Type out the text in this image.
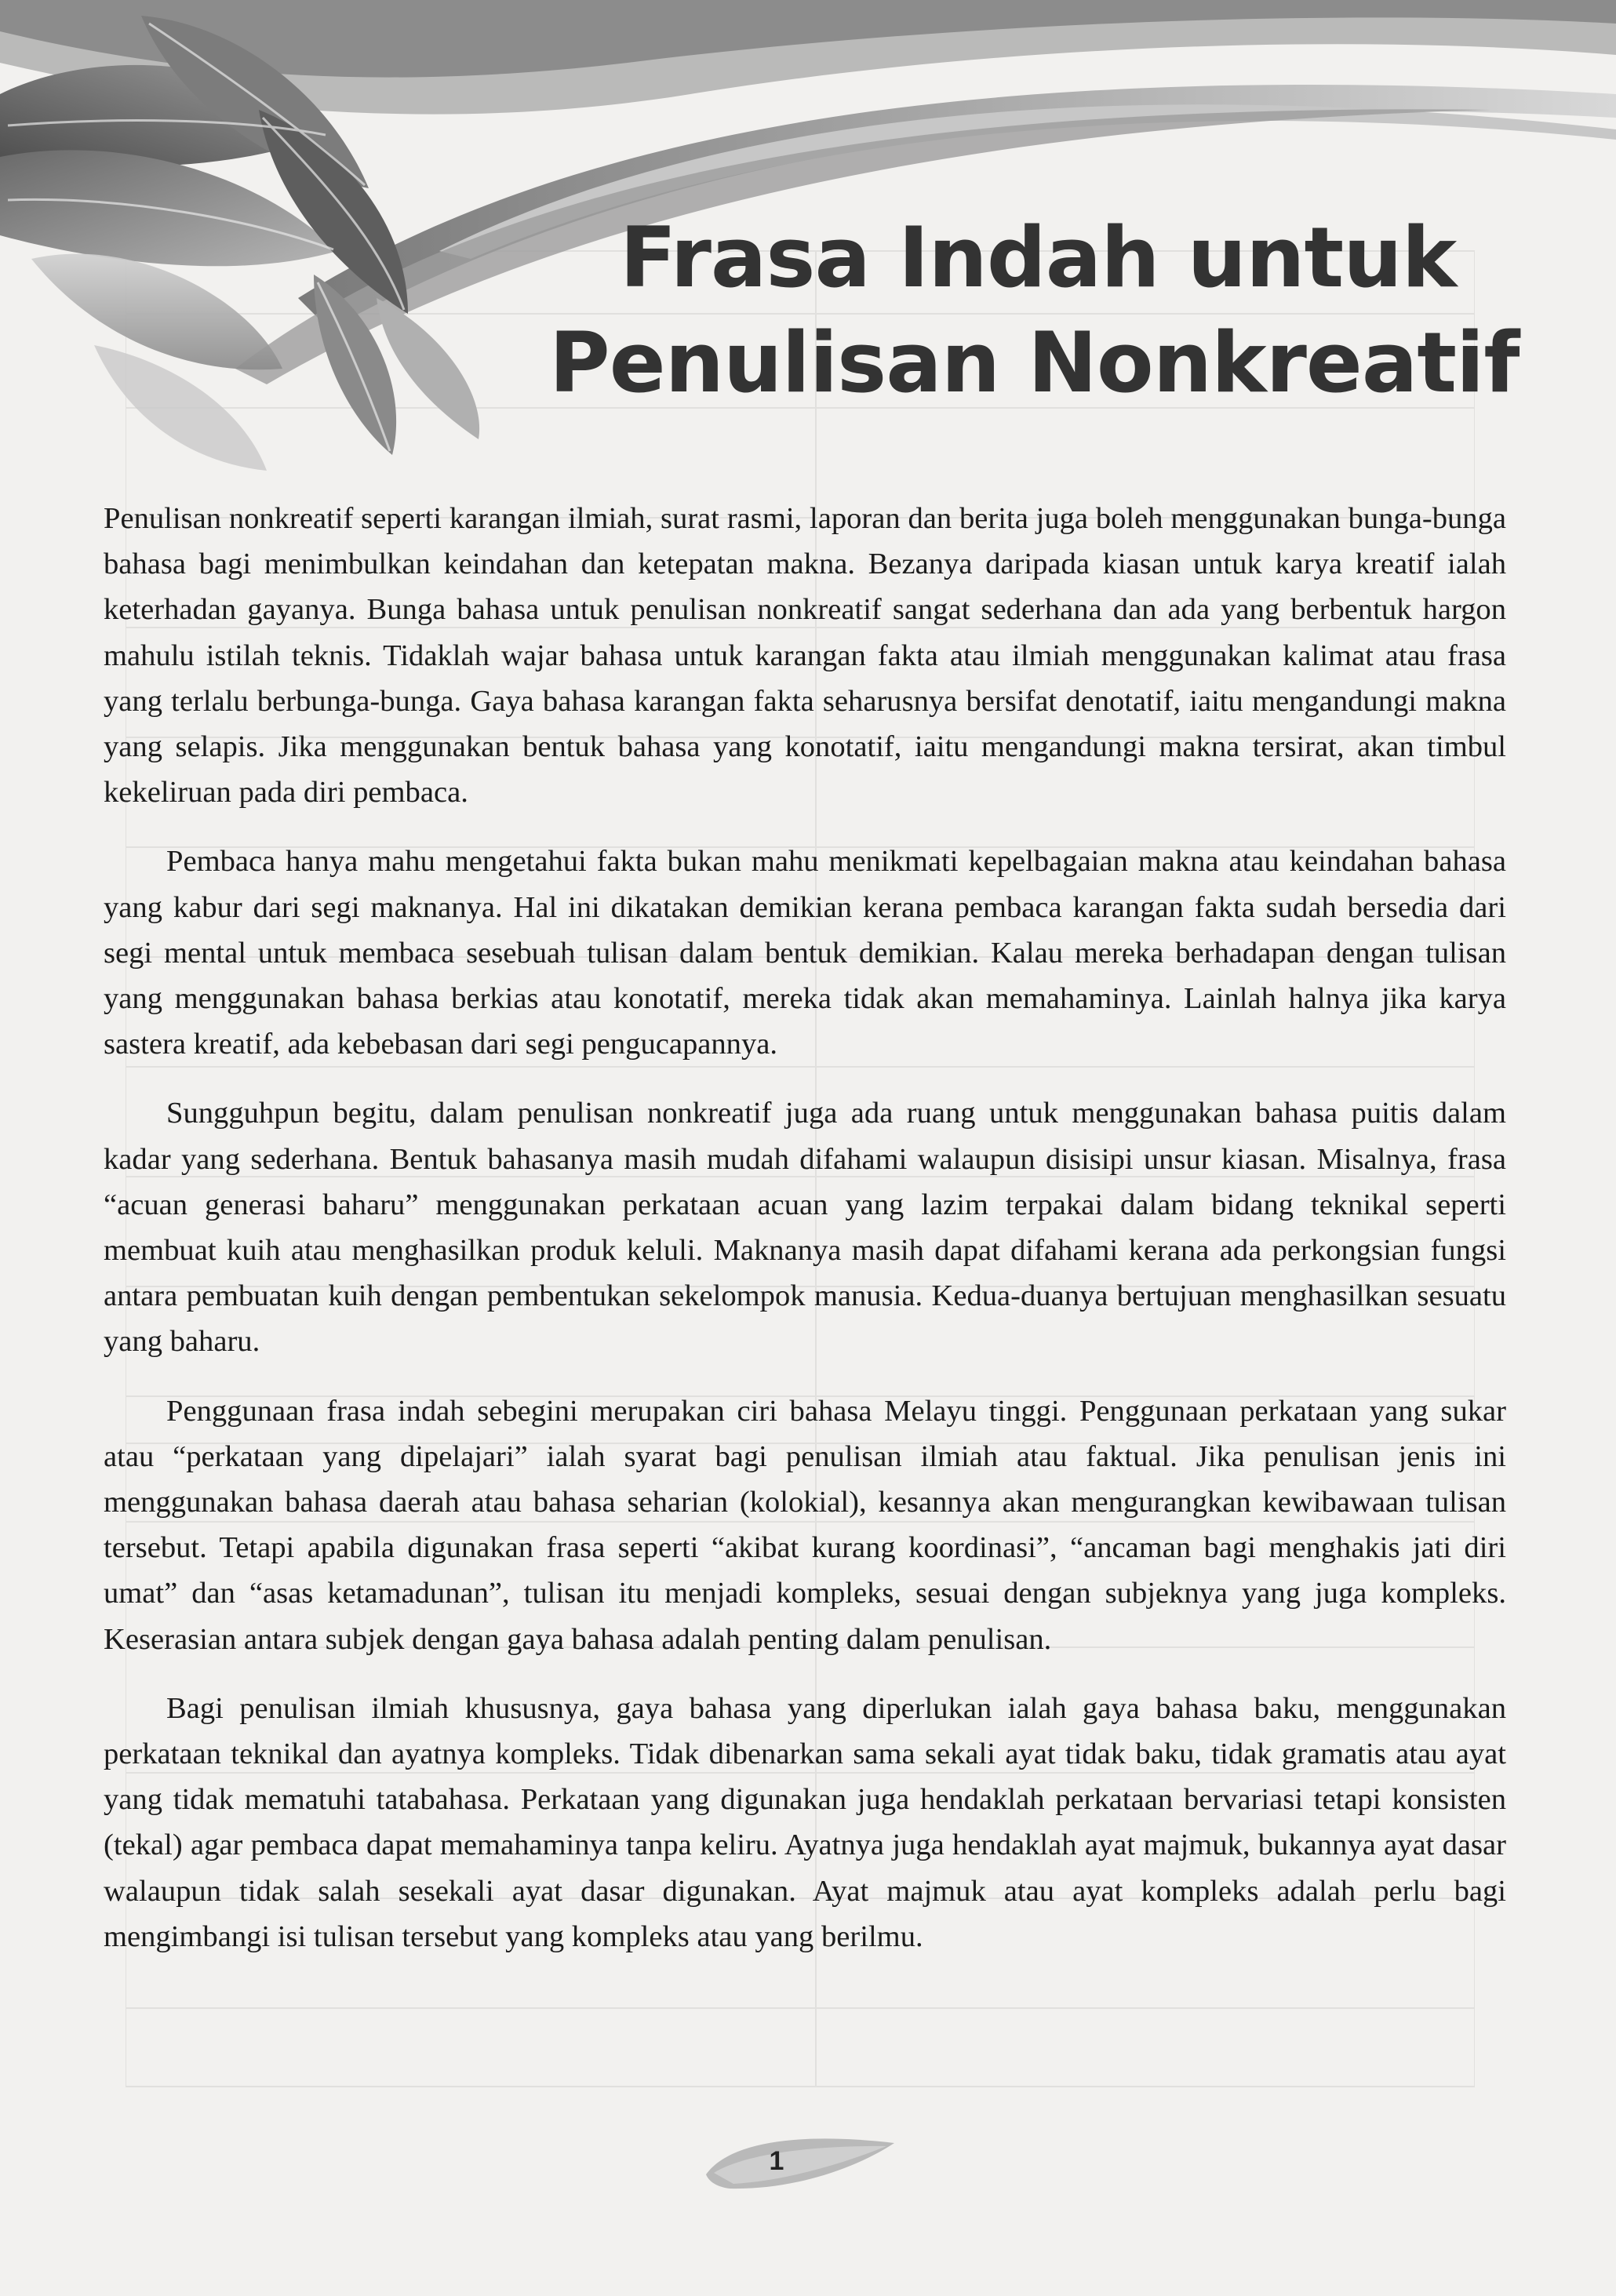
Frasa Indah untuk
Penulisan Nonkreatif

Penulisan nonkreatif seperti karangan ilmiah, surat rasmi, laporan dan berita juga boleh menggunakan bunga-bunga bahasa bagi menimbulkan keindahan dan ketepatan makna. Bezanya daripada kiasan untuk karya kreatif ialah keterhadan gayanya. Bunga bahasa untuk penulisan nonkreatif sangat sederhana dan ada yang berbentuk hargon mahulu istilah teknis. Tidaklah wajar bahasa untuk karangan fakta atau ilmiah menggunakan kalimat atau frasa yang terlalu berbunga-bunga. Gaya bahasa karangan fakta seharusnya bersifat denotatif, iaitu mengandungi makna yang selapis. Jika menggunakan bentuk bahasa yang konotatif, iaitu mengandungi makna tersirat, akan timbul kekeliruan pada diri pembaca.

Pembaca hanya mahu mengetahui fakta bukan mahu menikmati kepelbagaian makna atau keindahan bahasa yang kabur dari segi maknanya. Hal ini dikatakan demikian kerana pembaca karangan fakta sudah bersedia dari segi mental untuk membaca sesebuah tulisan dalam bentuk demikian. Kalau mereka berhadapan dengan tulisan yang menggunakan bahasa berkias atau konotatif, mereka tidak akan memahaminya. Lainlah halnya jika karya sastera kreatif, ada kebebasan dari segi pengucapannya.

Sungguhpun begitu, dalam penulisan nonkreatif juga ada ruang untuk menggunakan bahasa puitis dalam kadar yang sederhana. Bentuk bahasanya masih mudah difahami walaupun disisipi unsur kiasan. Misalnya, frasa “acuan generasi baharu” menggunakan perkataan acuan yang lazim terpakai dalam bidang teknikal seperti membuat kuih atau menghasilkan produk keluli. Maknanya masih dapat difahami kerana ada perkongsian fungsi antara pembuatan kuih dengan pembentukan sekelompok manusia. Kedua-duanya bertujuan menghasilkan sesuatu yang baharu.

Penggunaan frasa indah sebegini merupakan ciri bahasa Melayu tinggi. Penggunaan perkataan yang sukar atau “perkataan yang dipelajari” ialah syarat bagi penulisan ilmiah atau faktual. Jika penulisan jenis ini menggunakan bahasa daerah atau bahasa seharian (kolokial), kesannya akan mengurangkan kewibawaan tulisan tersebut. Tetapi apabila digunakan frasa seperti “akibat kurang koordinasi”, “ancaman bagi menghakis jati diri umat” dan “asas ketamadunan”, tulisan itu menjadi kompleks, sesuai dengan subjeknya yang juga kompleks. Keserasian antara subjek dengan gaya bahasa adalah penting dalam penulisan.

Bagi penulisan ilmiah khususnya, gaya bahasa yang diperlukan ialah gaya bahasa baku, menggunakan perkataan teknikal dan ayatnya kompleks. Tidak dibenarkan sama sekali ayat tidak baku, tidak gramatis atau ayat yang tidak mematuhi tatabahasa. Perkataan yang digunakan juga hendaklah perkataan bervariasi tetapi konsisten (tekal) agar pembaca dapat memahaminya tanpa keliru. Ayatnya juga hendaklah ayat majmuk, bukannya ayat dasar walaupun tidak salah sesekali ayat dasar digunakan. Ayat majmuk atau ayat kompleks adalah perlu bagi mengimbangi isi tulisan tersebut yang kompleks atau yang berilmu.

1
